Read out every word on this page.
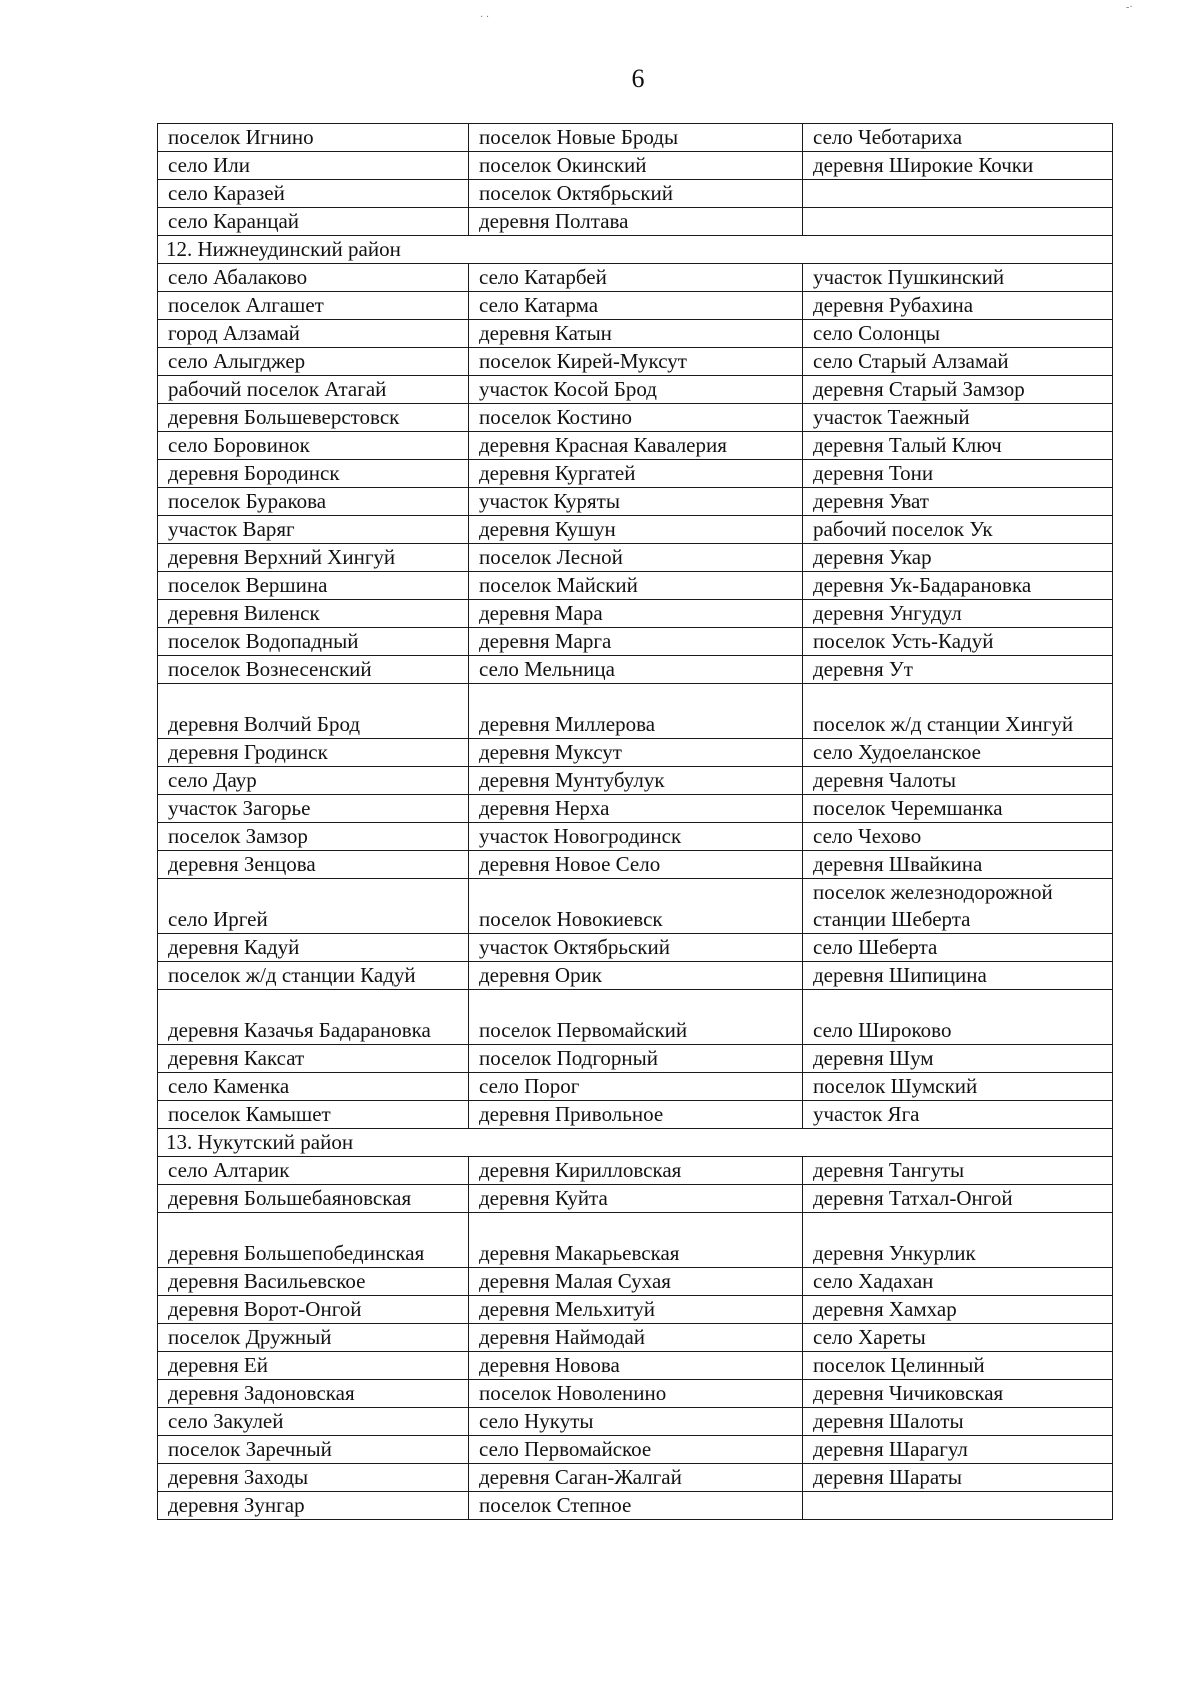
6
поселок Игнино	поселок Новые Броды	село Чеботариха
село Или	поселок Окинский	деревня Широкие Кочки
село Каразей	поселок Октябрьский	
село Каранцай	деревня Полтава	
12. Нижнеудинский район		
село Абалаково	село Катарбей	участок Пушкинский
поселок Алгашет	село Катарма	деревня Рубахина
город Алзамай	деревня Катын	село Солонцы
село Алыгджер	поселок Кирей-Муксут	село Старый Алзамай
рабочий поселок Атагай	участок Косой Брод	деревня Старый Замзор
деревня Большеверстовск	поселок Костино	участок Таежный
село Боровинок	деревня Красная Кавалерия	деревня Талый Ключ
деревня Бородинск	деревня Кургатей	деревня Тони
поселок Буракова	участок Куряты	деревня Уват
участок Варяг	деревня Кушун	рабочий поселок Ук
деревня Верхний Хингуй	поселок Лесной	деревня Укар
поселок Вершина	поселок Майский	деревня Ук-Бадарановка
деревня Виленск	деревня Мара	деревня Унгудул
поселок Водопадный	деревня Марга	поселок Усть-Кадуй
поселок Вознесенский	село Мельница	деревня Ут
деревня Волчий Брод	деревня Миллерова	поселок ж/д станции Хингуй
деревня Гродинск	деревня Муксут	село Худоеланское
село Даур	деревня Мунтубулук	деревня Чалоты
участок Загорье	деревня Нерха	поселок Черемшанка
поселок Замзор	участок Новогродинск	село Чехово
деревня Зенцова	деревня Новое Село	деревня Швайкина
село Иргей	поселок Новокиевск	поселок железнодорожной станции Шеберта
деревня Кадуй	участок Октябрьский	село Шеберта
поселок ж/д станции Кадуй	деревня Орик	деревня Шипицина
деревня Казачья Бадарановка	поселок Первомайский	село Широково
деревня Каксат	поселок Подгорный	деревня Шум
село Каменка	село Порог	поселок Шумский
поселок Камышет	деревня Привольное	участок Яга
13. Нукутский район		
село Алтарик	деревня Кирилловская	деревня Тангуты
деревня Большебаяновская	деревня Куйта	деревня Татхал-Онгой
деревня Большепобединская	деревня Макарьевская	деревня Ункурлик
деревня Васильевское	деревня Малая Сухая	село Хадахан
деревня Ворот-Онгой	деревня Мельхитуй	деревня Хамхар
поселок Дружный	деревня Наймодай	село Хареты
деревня Ей	деревня Новова	поселок Целинный
деревня Задоновская	поселок Новоленино	деревня Чичиковская
село Закулей	село Нукуты	деревня Шалоты
поселок Заречный	село Первомайское	деревня Шарагул
деревня Заходы	деревня Саган-Жалгай	деревня Шараты
деревня Зунгар	поселок Степное	
· ·
-·
